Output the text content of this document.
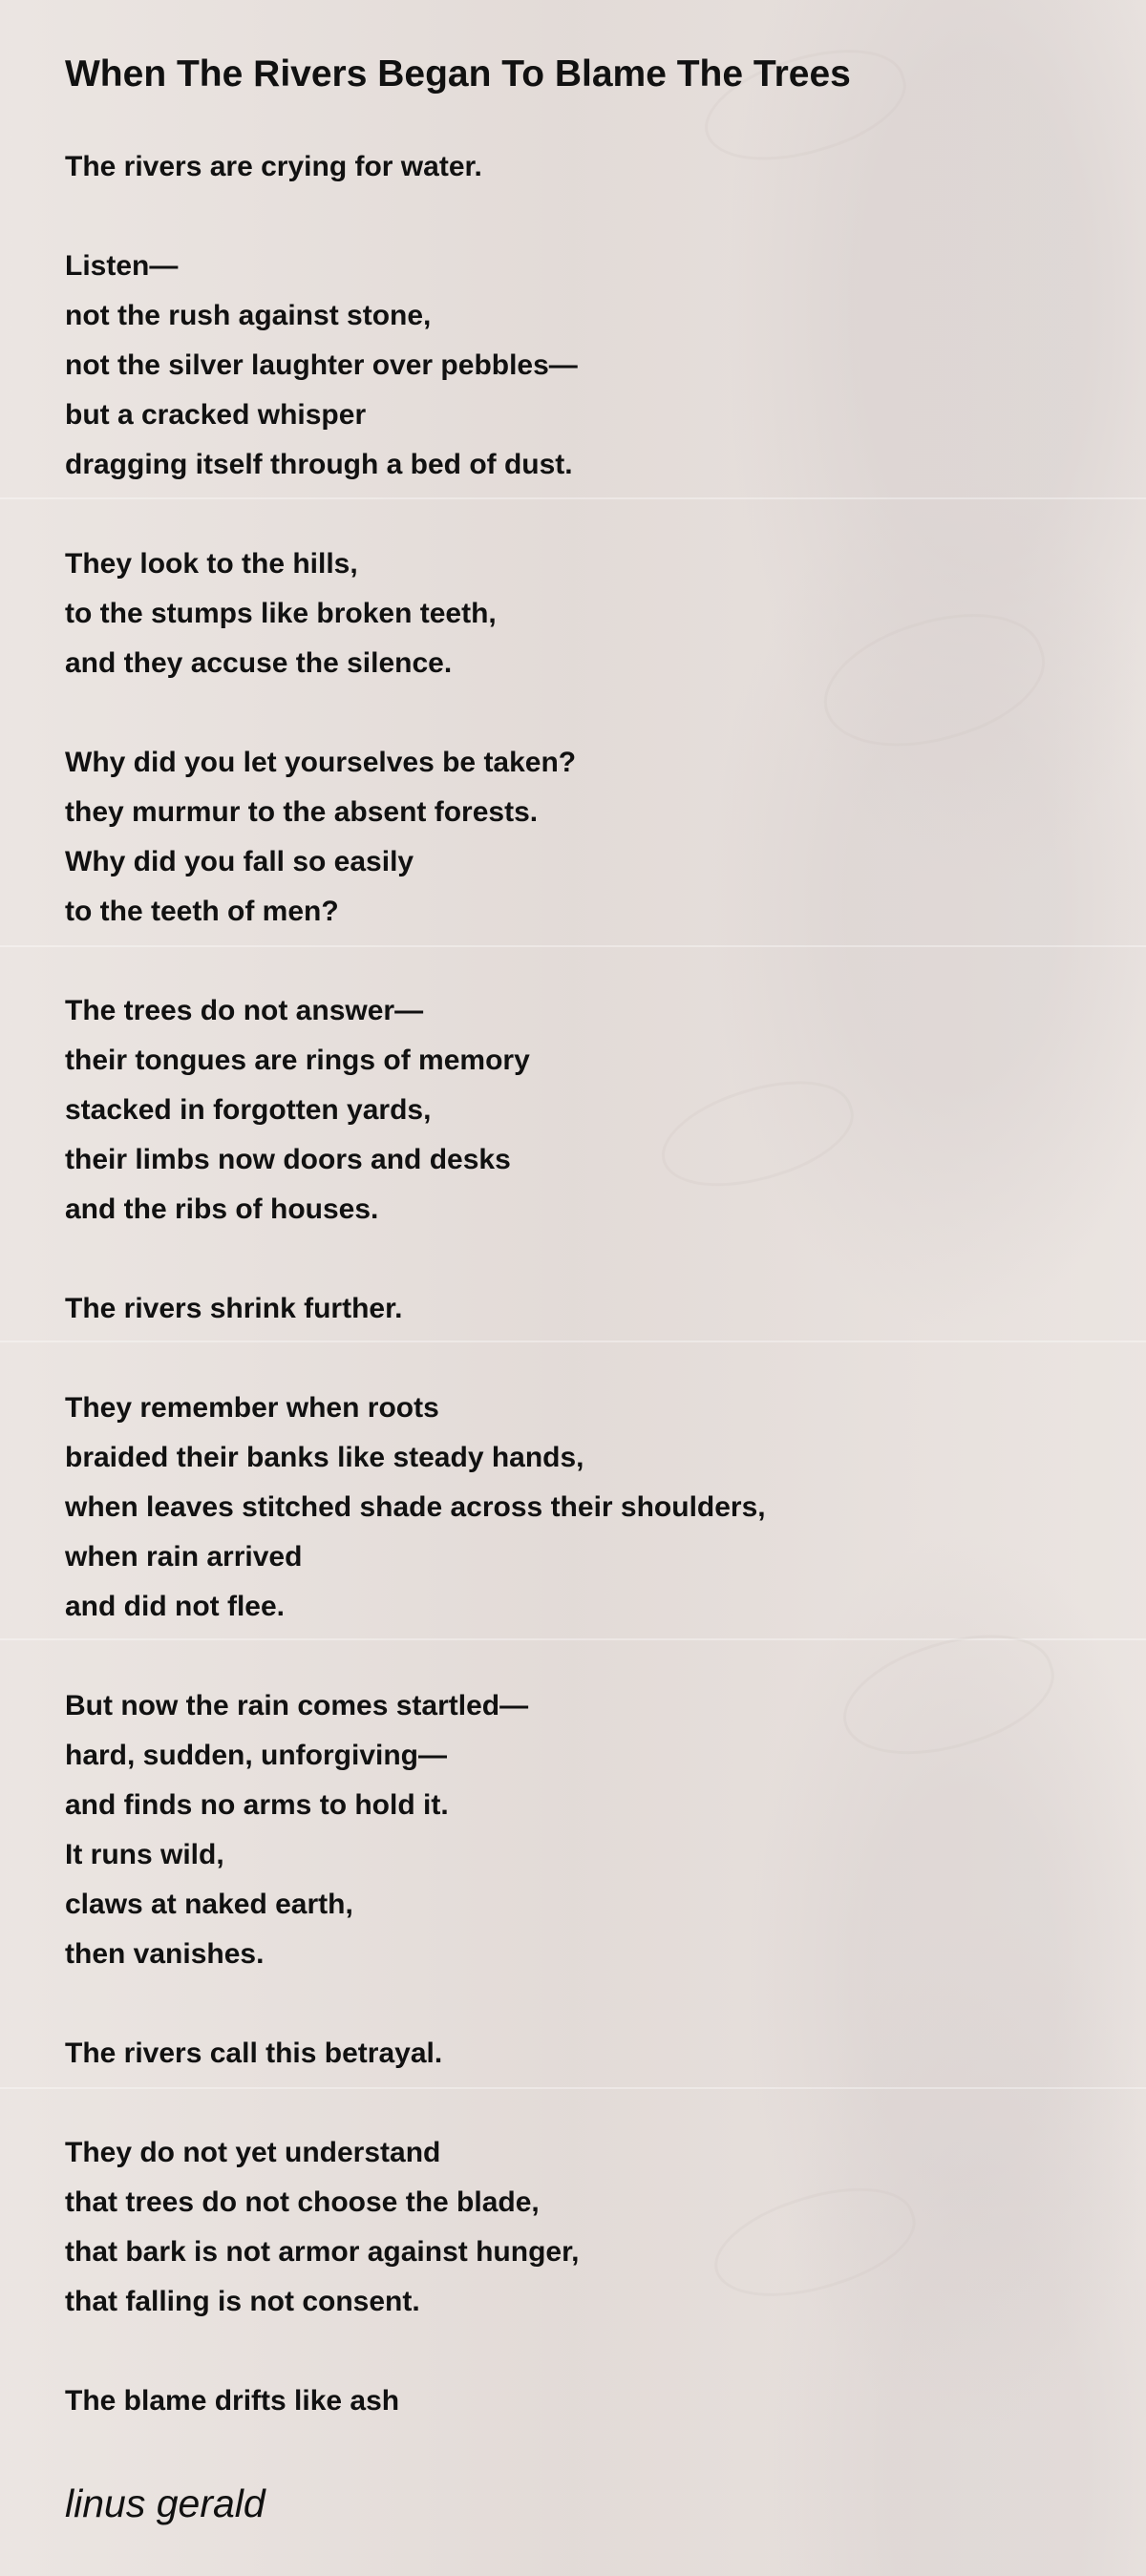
When The Rivers Began To Blame The Trees
The rivers are crying for water.
Listen—
not the rush against stone,
not the silver laughter over pebbles—
but a cracked whisper
dragging itself through a bed of dust.
They look to the hills,
to the stumps like broken teeth,
and they accuse the silence.
Why did you let yourselves be taken?
they murmur to the absent forests.
Why did you fall so easily
to the teeth of men?
The trees do not answer—
their tongues are rings of memory
stacked in forgotten yards,
their limbs now doors and desks
and the ribs of houses.
The rivers shrink further.
They remember when roots
braided their banks like steady hands,
when leaves stitched shade across their shoulders,
when rain arrived
and did not flee.
But now the rain comes startled—
hard, sudden, unforgiving—
and finds no arms to hold it.
It runs wild,
claws at naked earth,
then vanishes.
The rivers call this betrayal.
They do not yet understand
that trees do not choose the blade,
that bark is not armor against hunger,
that falling is not consent.
The blame drifts like ash
linus gerald
